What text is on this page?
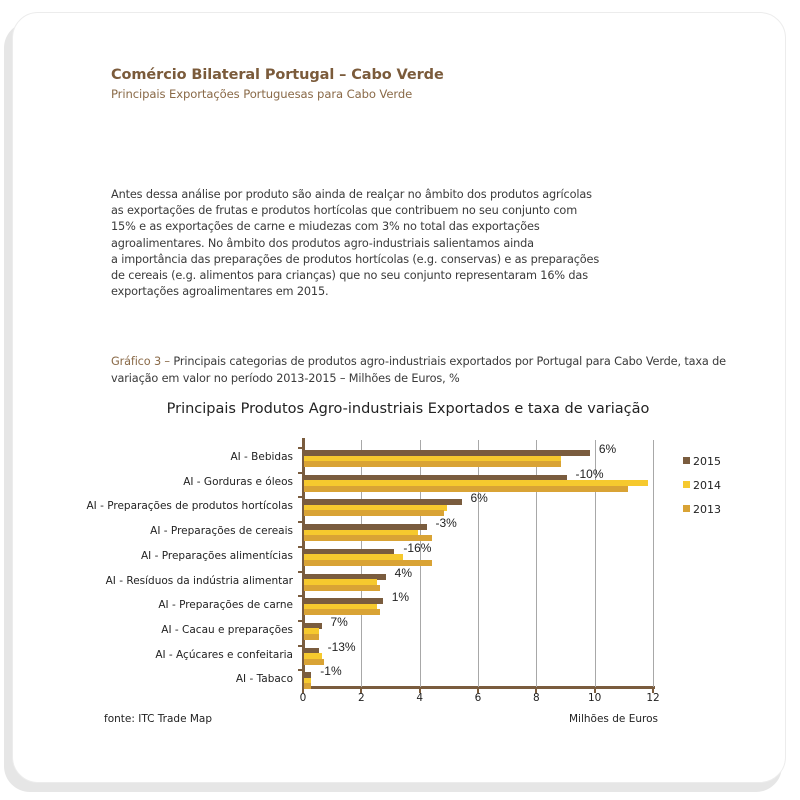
Comércio Bilateral Portugal – Cabo Verde
Principais Exportações Portuguesas para Cabo Verde
Antes dessa análise por produto são ainda de realçar no âmbito dos produtos agrícolas
as exportações de frutas e produtos hortícolas que contribuem no seu conjunto com
15% e as exportações de carne e miudezas com 3% no total das exportações
agroalimentares. No âmbito dos produtos agro-industriais salientamos ainda
a importância das preparações de produtos hortícolas (e.g. conservas) e as preparações
de cereais (e.g. alimentos para crianças) que no seu conjunto representaram 16% das
exportações agroalimentares em 2015.
Gráfico 3 – Principais categorias de produtos agro-industriais exportados por Portugal para Cabo Verde, taxa de variação em valor no período 2013-2015 – Milhões de Euros, %
Principais Produtos Agro-industriais Exportados e taxa de variação
AI - Bebidas
AI - Gorduras e óleos
AI - Preparações de produtos hortícolas
AI - Preparações de cereais
AI - Preparações alimentícias
AI - Resíduos da indústria alimentar
AI - Preparações de carne
AI - Cacau e preparações
AI - Açúcares e confeitaria
AI - Tabaco
6%
-10%
6%
-3%
-16%
4%
1%
7%
-13%
-1%
0	2	4	6	8	10	12
2015
2014
2013
fonte: ITC Trade Map	Milhões de Euros
